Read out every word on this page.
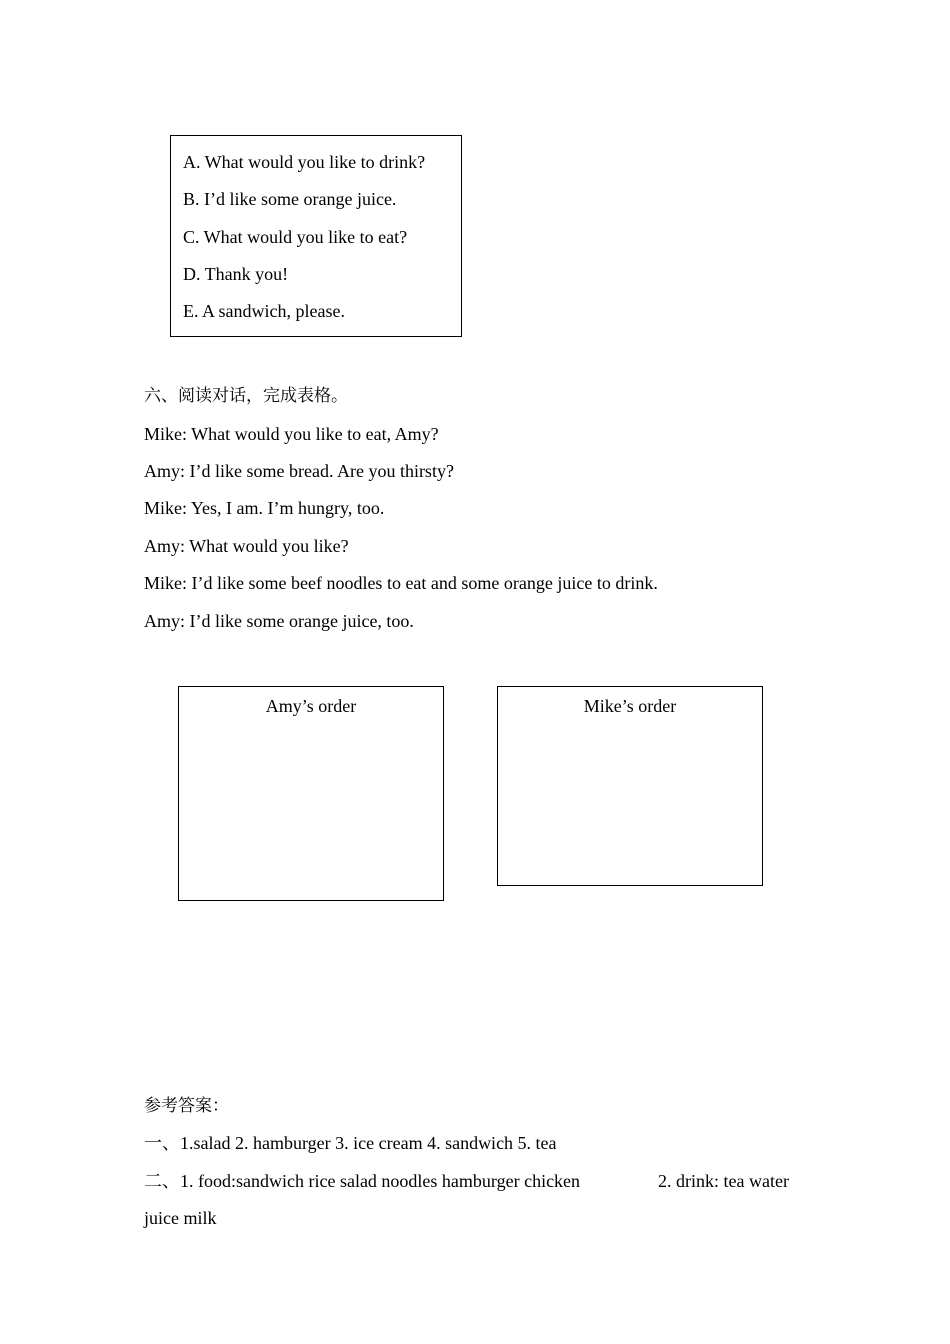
A. What would you like to drink?
B. I’d like some orange juice.
C. What would you like to eat?
D. Thank you!
E. A sandwich, please.
六、阅读对话，完成表格。
Mike: What would you like to eat, Amy?
Amy: I’d like some bread. Are you thirsty?
Mike: Yes, I am. I’m hungry, too.
Amy: What would you like?
Mike: I’d like some beef noodles to eat and some orange juice to drink.
Amy: I’d like some orange juice, too.
Amy’s order	Mike’s order
参考答案：
一、1.salad 2. hamburger 3. ice cream 4. sandwich 5. tea
二、1. food:sandwich rice salad noodles hamburger chicken	2. drink: tea water
juice milk
